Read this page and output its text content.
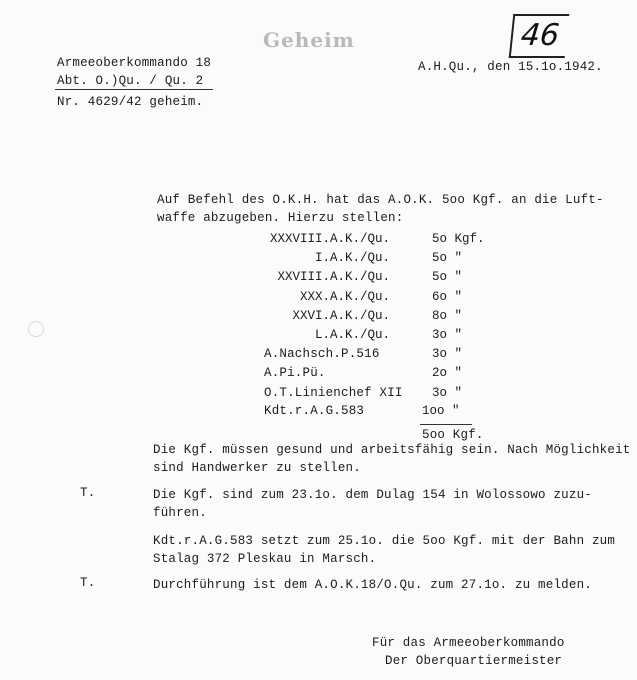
Geheim	46
Armeeoberkommando 18
Abt. O.)Qu. / Qu. 2
Nr. 4629/42 geheim.
A.H.Qu., den 15.1o.1942.
Auf Befehl des O.K.H. hat das A.O.K. 5oo Kgf. an die Luft-
waffe abzugeben. Hierzu stellen:
XXXVIII.A.K./Qu.	5o Kgf.
I.A.K./Qu.	5o "
XXVIII.A.K./Qu.	5o "
XXX.A.K./Qu.	6o "
XXVI.A.K./Qu.	8o "
L.A.K./Qu.	3o "
A.Nachsch.P.516	3o "
A.Pi.Pü.	2o "
O.T.Linienchef XII 3o "
Kdt.r.A.G.583	1oo "
5oo Kgf.
Die Kgf. müssen gesund und arbeitsfähig sein. Nach Möglichkeit
sind Handwerker zu stellen.
T.	Die Kgf. sind zum 23.1o. dem Dulag 154 in Wolossowo zuzu-
führen.
Kdt.r.A.G.583 setzt zum 25.1o. die 5oo Kgf. mit der Bahn zum
Stalag 372 Pleskau in Marsch.
T.	Durchführung ist dem A.O.K.18/O.Qu. zum 27.1o. zu melden.
Für das Armeeoberkommando
Der Oberquartiermeister
